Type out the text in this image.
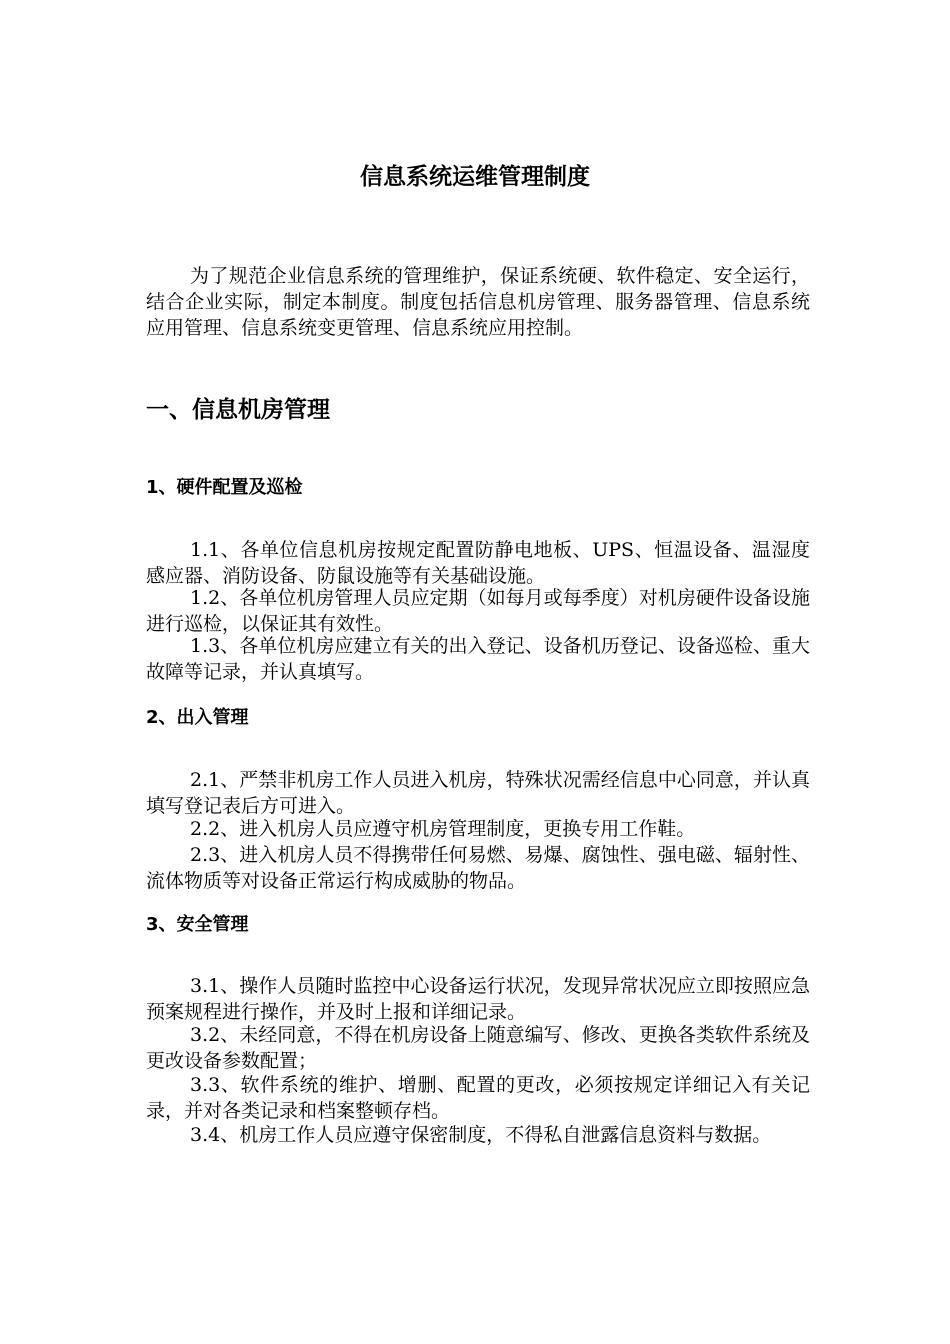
信息系统运维管理制度

为了规范企业信息系统的管理维护，保证系统硬、软件稳定、安全运行，结合企业实际，制定本制度。制度包括信息机房管理、服务器管理、信息系统应用管理、信息系统变更管理、信息系统应用控制。

一、信息机房管理
1、硬件配置及巡检

1.1、各单位信息机房按规定配置防静电地板、UPS、恒温设备、温湿度感应器、消防设备、防鼠设施等有关基础设施。

1.2、各单位机房管理人员应定期（如每月或每季度）对机房硬件设备设施进行巡检，以保证其有效性。

1.3、各单位机房应建立有关的出入登记、设备机历登记、设备巡检、重大故障等记录，并认真填写。

2、出入管理

2.1、严禁非机房工作人员进入机房，特殊状况需经信息中心同意，并认真填写登记表后方可进入。

2.2、进入机房人员应遵守机房管理制度，更换专用工作鞋。

2.3、进入机房人员不得携带任何易燃、易爆、腐蚀性、强电磁、辐射性、流体物质等对设备正常运行构成威胁的物品。

3、安全管理

3.1、操作人员随时监控中心设备运行状况，发现异常状况应立即按照应急预案规程进行操作，并及时上报和详细记录。

3.2、未经同意，不得在机房设备上随意编写、修改、更换各类软件系统及更改设备参数配置；

3.3、软件系统的维护、增删、配置的更改，必须按规定详细记入有关记录，并对各类记录和档案整顿存档。

3.4、机房工作人员应遵守保密制度，不得私自泄露信息资料与数据。
